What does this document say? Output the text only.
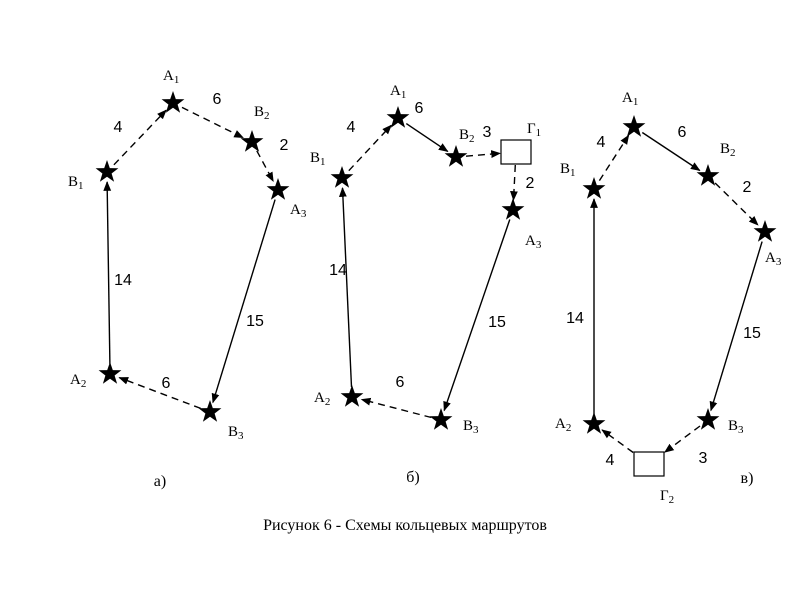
6
2
15
6
14
4
$А_1$
$В_2$
$А_3$
$В_3$
$А_2$
$В_1$
а)
6
3
2
15
6
14
4
$А_1$
$В_2$
$Г_1$
$А_3$
$В_3$
$А_2$
$В_1$
б)
6
2
15
3
4
14
4
$А_1$
$В_2$
$А_3$
$В_3$
$Г_2$
$А_2$
$В_1$
в)
Рисунок 6 - Схемы кольцевых маршрутов
